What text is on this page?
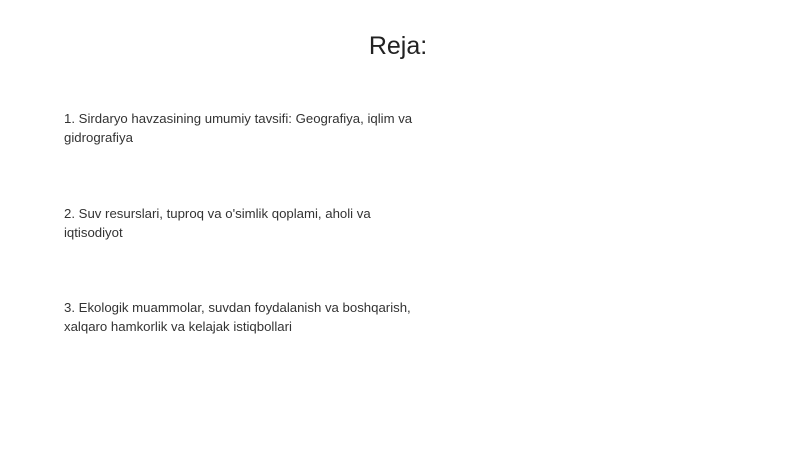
Reja:
1. Sirdaryo havzasining umumiy tavsifi: Geografiya, iqlim va gidrografiya
2. Suv resurslari, tuproq va o'simlik qoplami, aholi va iqtisodiyot
3. Ekologik muammolar, suvdan foydalanish va boshqarish, xalqaro hamkorlik va kelajak istiqbollari
